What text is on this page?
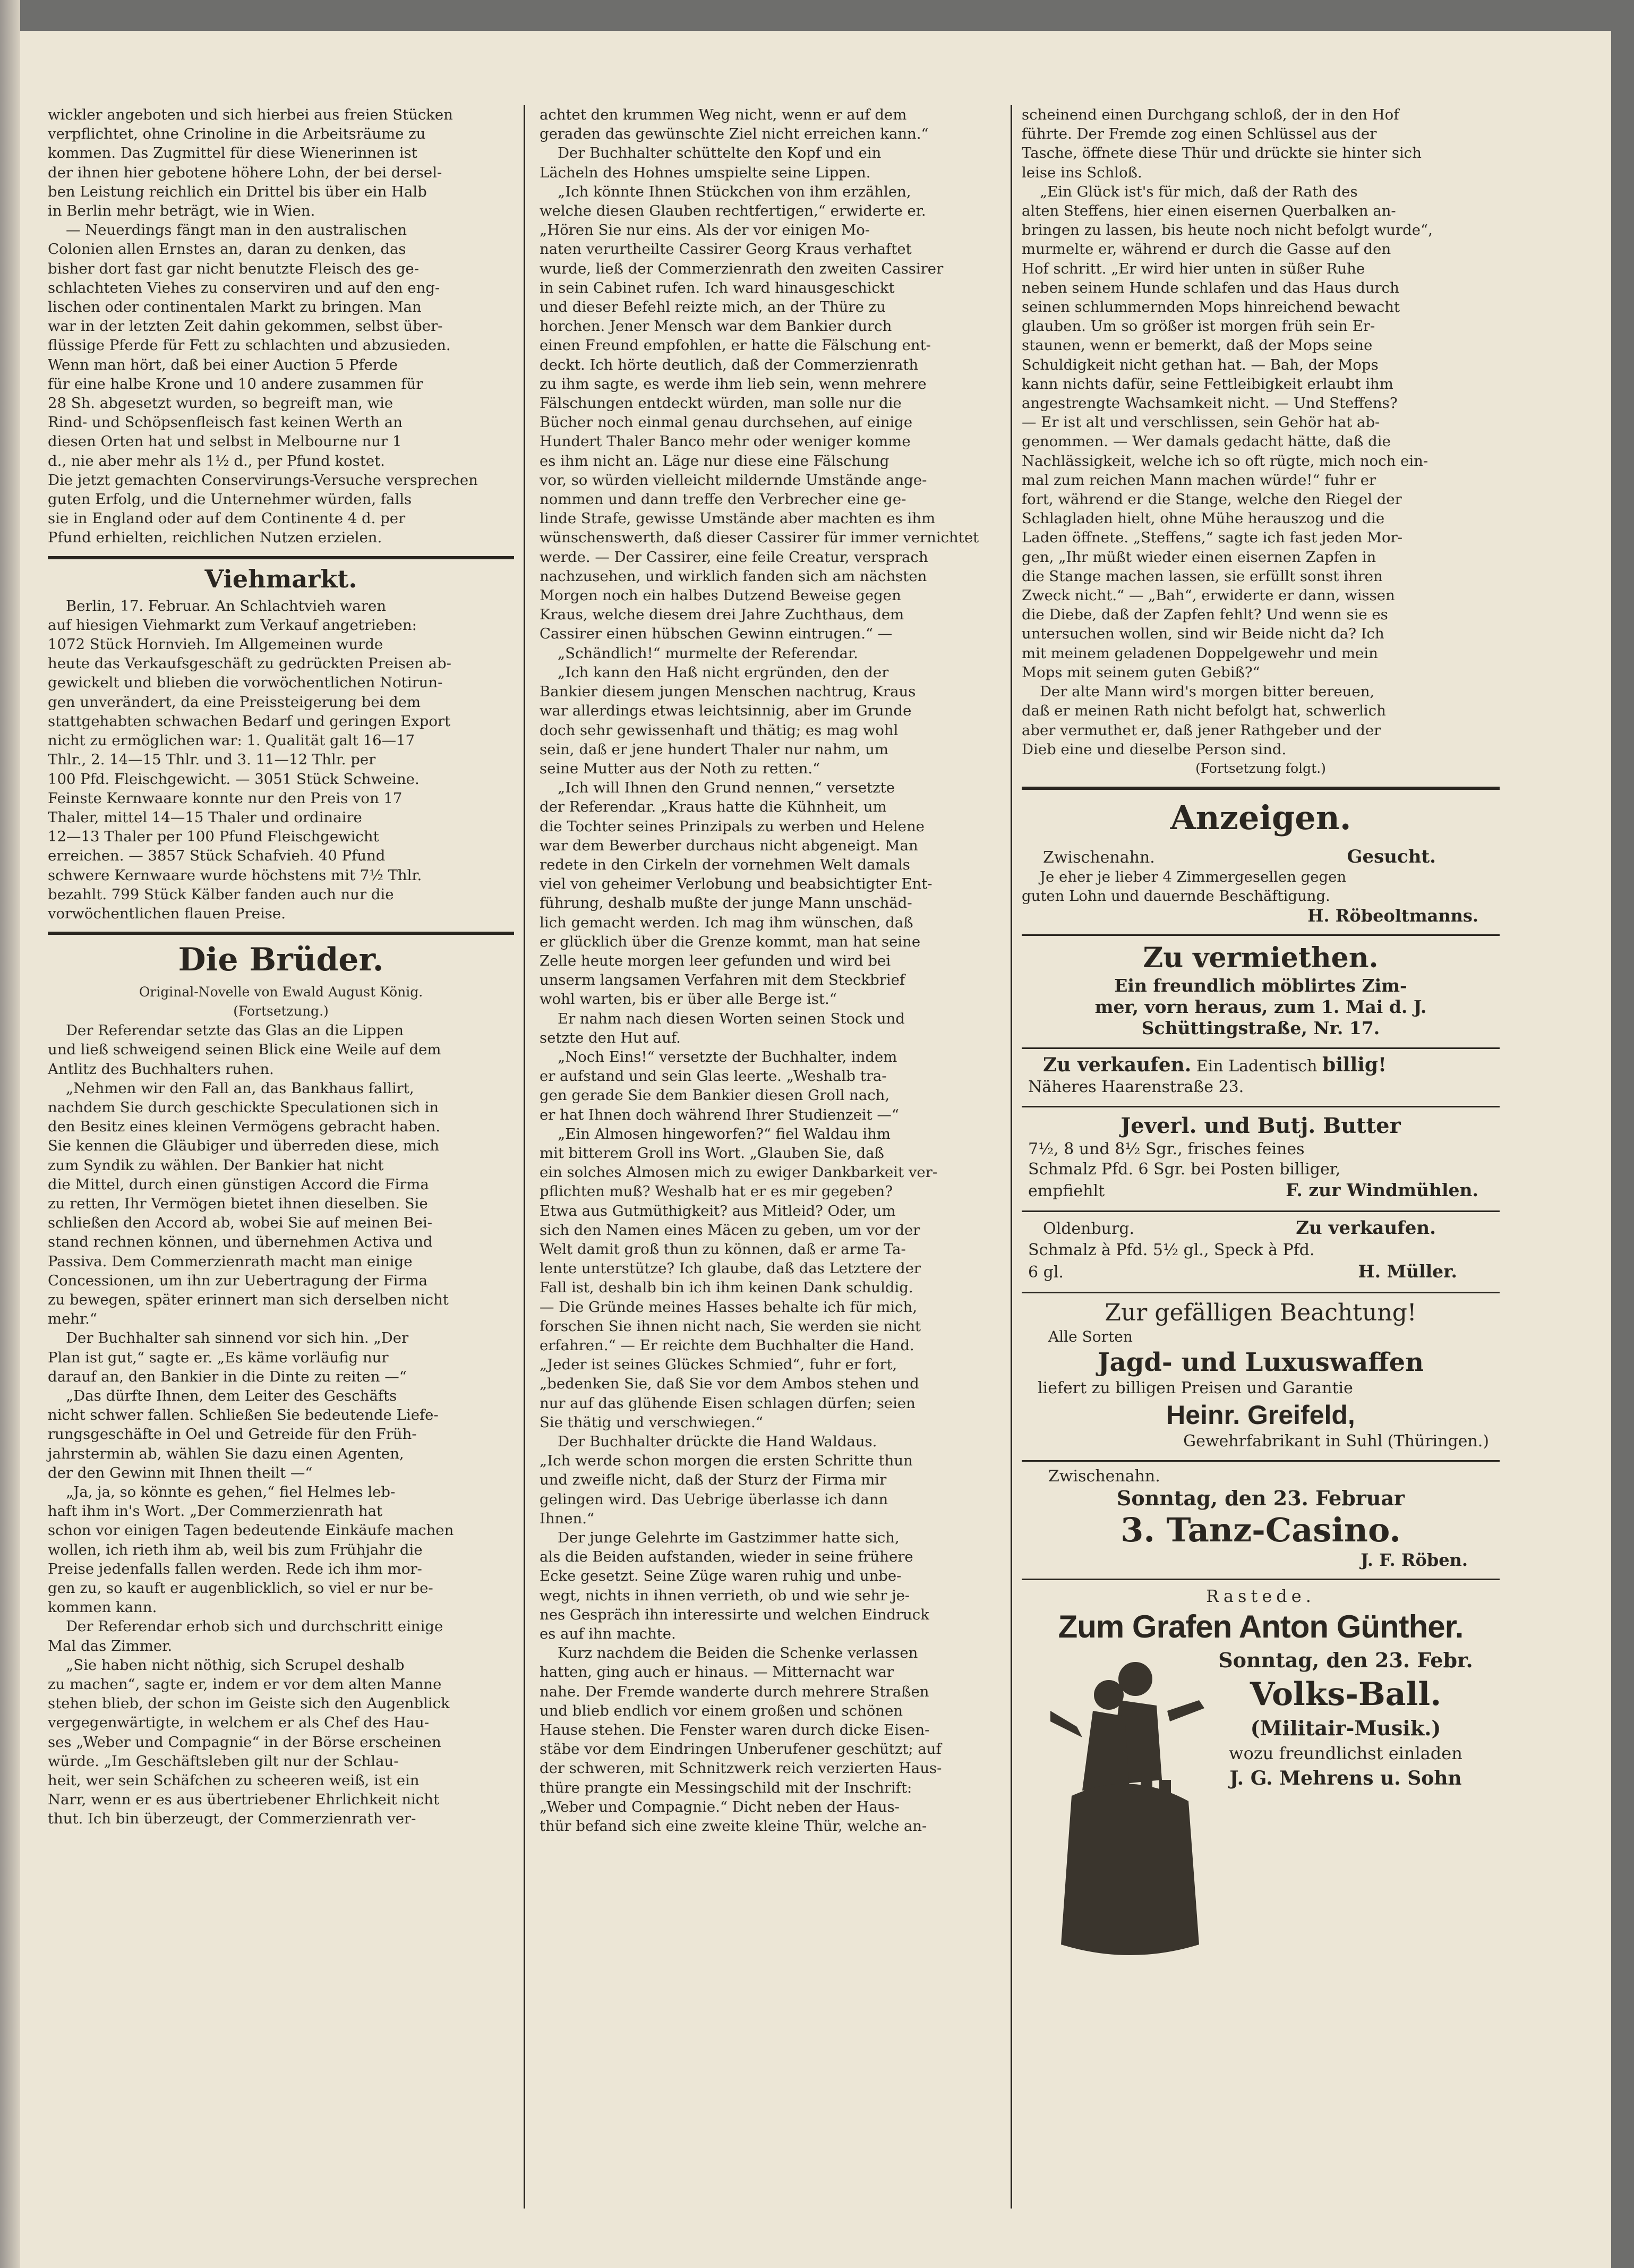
wickler angeboten und sich hierbei aus freien Stücken
verpflichtet, ohne Crinoline in die Arbeitsräume zu
kommen. Das Zugmittel für diese Wienerinnen ist
der ihnen hier gebotene höhere Lohn, der bei dersel-
ben Leistung reichlich ein Drittel bis über ein Halb
in Berlin mehr beträgt, wie in Wien.

— Neuerdings fängt man in den australischen
Colonien allen Ernstes an, daran zu denken, das
bisher dort fast gar nicht benutzte Fleisch des ge-
schlachteten Viehes zu conserviren und auf den eng-
lischen oder continentalen Markt zu bringen. Man
war in der letzten Zeit dahin gekommen, selbst über-
flüssige Pferde für Fett zu schlachten und abzusieden.
Wenn man hört, daß bei einer Auction 5 Pferde
für eine halbe Krone und 10 andere zusammen für
28 Sh. abgesetzt wurden, so begreift man, wie
Rind- und Schöpsenfleisch fast keinen Werth an
diesen Orten hat und selbst in Melbourne nur 1
d., nie aber mehr als 1½ d., per Pfund kostet.
Die jetzt gemachten Conservirungs-Versuche versprechen
guten Erfolg, und die Unternehmer würden, falls
sie in England oder auf dem Continente 4 d. per
Pfund erhielten, reichlichen Nutzen erzielen.

Viehmarkt.

Berlin, 17. Februar. An Schlachtvieh waren
auf hiesigen Viehmarkt zum Verkauf angetrieben:
1072 Stück Hornvieh. Im Allgemeinen wurde
heute das Verkaufsgeschäft zu gedrückten Preisen ab-
gewickelt und blieben die vorwöchentlichen Notirun-
gen unverändert, da eine Preissteigerung bei dem
stattgehabten schwachen Bedarf und geringen Export
nicht zu ermöglichen war: 1. Qualität galt 16—17
Thlr., 2. 14—15 Thlr. und 3. 11—12 Thlr. per
100 Pfd. Fleischgewicht. — 3051 Stück Schweine.
Feinste Kernwaare konnte nur den Preis von 17
Thaler, mittel 14—15 Thaler und ordinaire
12—13 Thaler per 100 Pfund Fleischgewicht
erreichen. — 3857 Stück Schafvieh. 40 Pfund
schwere Kernwaare wurde höchstens mit 7½ Thlr.
bezahlt. 799 Stück Kälber fanden auch nur die
vorwöchentlichen flauen Preise.

Die Brüder.
Original-Novelle von Ewald August König.
(Fortsetzung.)

Der Referendar setzte das Glas an die Lippen
und ließ schweigend seinen Blick eine Weile auf dem
Antlitz des Buchhalters ruhen.

„Nehmen wir den Fall an, das Bankhaus fallirt,
nachdem Sie durch geschickte Speculationen sich in
den Besitz eines kleinen Vermögens gebracht haben.
Sie kennen die Gläubiger und überreden diese, mich
zum Syndik zu wählen. Der Bankier hat nicht
die Mittel, durch einen günstigen Accord die Firma
zu retten, Ihr Vermögen bietet ihnen dieselben. Sie
schließen den Accord ab, wobei Sie auf meinen Bei-
stand rechnen können, und übernehmen Activa und
Passiva. Dem Commerzienrath macht man einige
Concessionen, um ihn zur Uebertragung der Firma
zu bewegen, später erinnert man sich derselben nicht
mehr.“

Der Buchhalter sah sinnend vor sich hin. „Der
Plan ist gut,“ sagte er. „Es käme vorläufig nur
darauf an, den Bankier in die Dinte zu reiten —“

„Das dürfte Ihnen, dem Leiter des Geschäfts
nicht schwer fallen. Schließen Sie bedeutende Liefe-
rungsgeschäfte in Oel und Getreide für den Früh-
jahrstermin ab, wählen Sie dazu einen Agenten,
der den Gewinn mit Ihnen theilt —“

„Ja, ja, so könnte es gehen,“ fiel Helmes leb-
haft ihm in's Wort. „Der Commerzienrath hat
schon vor einigen Tagen bedeutende Einkäufe machen
wollen, ich rieth ihm ab, weil bis zum Frühjahr die
Preise jedenfalls fallen werden. Rede ich ihm mor-
gen zu, so kauft er augenblicklich, so viel er nur be-
kommen kann.

Der Referendar erhob sich und durchschritt einige
Mal das Zimmer.

„Sie haben nicht nöthig, sich Scrupel deshalb
zu machen“, sagte er, indem er vor dem alten Manne
stehen blieb, der schon im Geiste sich den Augenblick
vergegenwärtigte, in welchem er als Chef des Hau-
ses „Weber und Compagnie“ in der Börse erscheinen
würde. „Im Geschäftsleben gilt nur der Schlau-
heit, wer sein Schäfchen zu scheeren weiß, ist ein
Narr, wenn er es aus übertriebener Ehrlichkeit nicht
thut. Ich bin überzeugt, der Commerzienrath ver-

achtet den krummen Weg nicht, wenn er auf dem
geraden das gewünschte Ziel nicht erreichen kann.“

Der Buchhalter schüttelte den Kopf und ein
Lächeln des Hohnes umspielte seine Lippen.

„Ich könnte Ihnen Stückchen von ihm erzählen,
welche diesen Glauben rechtfertigen,“ erwiderte er.
„Hören Sie nur eins. Als der vor einigen Mo-
naten verurtheilte Cassirer Georg Kraus verhaftet
wurde, ließ der Commerzienrath den zweiten Cassirer
in sein Cabinet rufen. Ich ward hinausgeschickt
und dieser Befehl reizte mich, an der Thüre zu
horchen. Jener Mensch war dem Bankier durch
einen Freund empfohlen, er hatte die Fälschung ent-
deckt. Ich hörte deutlich, daß der Commerzienrath
zu ihm sagte, es werde ihm lieb sein, wenn mehrere
Fälschungen entdeckt würden, man solle nur die
Bücher noch einmal genau durchsehen, auf einige
Hundert Thaler Banco mehr oder weniger komme
es ihm nicht an. Läge nur diese eine Fälschung
vor, so würden vielleicht mildernde Umstände ange-
nommen und dann treffe den Verbrecher eine ge-
linde Strafe, gewisse Umstände aber machten es ihm
wünschenswerth, daß dieser Cassirer für immer vernichtet
werde. — Der Cassirer, eine feile Creatur, versprach
nachzusehen, und wirklich fanden sich am nächsten
Morgen noch ein halbes Dutzend Beweise gegen
Kraus, welche diesem drei Jahre Zuchthaus, dem
Cassirer einen hübschen Gewinn eintrugen.“ —

„Schändlich!“ murmelte der Referendar.

„Ich kann den Haß nicht ergründen, den der
Bankier diesem jungen Menschen nachtrug, Kraus
war allerdings etwas leichtsinnig, aber im Grunde
doch sehr gewissenhaft und thätig; es mag wohl
sein, daß er jene hundert Thaler nur nahm, um
seine Mutter aus der Noth zu retten.“

„Ich will Ihnen den Grund nennen,“ versetzte
der Referendar. „Kraus hatte die Kühnheit, um
die Tochter seines Prinzipals zu werben und Helene
war dem Bewerber durchaus nicht abgeneigt. Man
redete in den Cirkeln der vornehmen Welt damals
viel von geheimer Verlobung und beabsichtigter Ent-
führung, deshalb mußte der junge Mann unschäd-
lich gemacht werden. Ich mag ihm wünschen, daß
er glücklich über die Grenze kommt, man hat seine
Zelle heute morgen leer gefunden und wird bei
unserm langsamen Verfahren mit dem Steckbrief
wohl warten, bis er über alle Berge ist.“

Er nahm nach diesen Worten seinen Stock und
setzte den Hut auf.

„Noch Eins!“ versetzte der Buchhalter, indem
er aufstand und sein Glas leerte. „Weshalb tra-
gen gerade Sie dem Bankier diesen Groll nach,
er hat Ihnen doch während Ihrer Studienzeit —“

„Ein Almosen hingeworfen?“ fiel Waldau ihm
mit bitterem Groll ins Wort. „Glauben Sie, daß
ein solches Almosen mich zu ewiger Dankbarkeit ver-
pflichten muß? Weshalb hat er es mir gegeben?
Etwa aus Gutmüthigkeit? aus Mitleid? Oder, um
sich den Namen eines Mäcen zu geben, um vor der
Welt damit groß thun zu können, daß er arme Ta-
lente unterstütze? Ich glaube, daß das Letztere der
Fall ist, deshalb bin ich ihm keinen Dank schuldig.
— Die Gründe meines Hasses behalte ich für mich,
forschen Sie ihnen nicht nach, Sie werden sie nicht
erfahren.“ — Er reichte dem Buchhalter die Hand.
„Jeder ist seines Glückes Schmied“, fuhr er fort,
„bedenken Sie, daß Sie vor dem Ambos stehen und
nur auf das glühende Eisen schlagen dürfen; seien
Sie thätig und verschwiegen.“

Der Buchhalter drückte die Hand Waldaus.
„Ich werde schon morgen die ersten Schritte thun
und zweifle nicht, daß der Sturz der Firma mir
gelingen wird. Das Uebrige überlasse ich dann
Ihnen.“

Der junge Gelehrte im Gastzimmer hatte sich,
als die Beiden aufstanden, wieder in seine frühere
Ecke gesetzt. Seine Züge waren ruhig und unbe-
wegt, nichts in ihnen verrieth, ob und wie sehr je-
nes Gespräch ihn interessirte und welchen Eindruck
es auf ihn machte.

Kurz nachdem die Beiden die Schenke verlassen
hatten, ging auch er hinaus. — Mitternacht war
nahe. Der Fremde wanderte durch mehrere Straßen
und blieb endlich vor einem großen und schönen
Hause stehen. Die Fenster waren durch dicke Eisen-
stäbe vor dem Eindringen Unberufener geschützt; auf
der schweren, mit Schnitzwerk reich verzierten Haus-
thüre prangte ein Messingschild mit der Inschrift:
„Weber und Compagnie.“ Dicht neben der Haus-
thür befand sich eine zweite kleine Thür, welche an-

scheinend einen Durchgang schloß, der in den Hof
führte. Der Fremde zog einen Schlüssel aus der
Tasche, öffnete diese Thür und drückte sie hinter sich
leise ins Schloß.

„Ein Glück ist's für mich, daß der Rath des
alten Steffens, hier einen eisernen Querbalken an-
bringen zu lassen, bis heute noch nicht befolgt wurde“,
murmelte er, während er durch die Gasse auf den
Hof schritt. „Er wird hier unten in süßer Ruhe
neben seinem Hunde schlafen und das Haus durch
seinen schlummernden Mops hinreichend bewacht
glauben. Um so größer ist morgen früh sein Er-
staunen, wenn er bemerkt, daß der Mops seine
Schuldigkeit nicht gethan hat. — Bah, der Mops
kann nichts dafür, seine Fettleibigkeit erlaubt ihm
angestrengte Wachsamkeit nicht. — Und Steffens?
— Er ist alt und verschlissen, sein Gehör hat ab-
genommen. — Wer damals gedacht hätte, daß die
Nachlässigkeit, welche ich so oft rügte, mich noch ein-
mal zum reichen Mann machen würde!“ fuhr er
fort, während er die Stange, welche den Riegel der
Schlagladen hielt, ohne Mühe herauszog und die
Laden öffnete. „Steffens,“ sagte ich fast jeden Mor-
gen, „Ihr müßt wieder einen eisernen Zapfen in
die Stange machen lassen, sie erfüllt sonst ihren
Zweck nicht.“ — „Bah“, erwiderte er dann, wissen
die Diebe, daß der Zapfen fehlt? Und wenn sie es
untersuchen wollen, sind wir Beide nicht da? Ich
mit meinem geladenen Doppelgewehr und mein
Mops mit seinem guten Gebiß?“

Der alte Mann wird's morgen bitter bereuen,
daß er meinen Rath nicht befolgt hat, schwerlich
aber vermuthet er, daß jener Rathgeber und der
Dieb eine und dieselbe Person sind.

(Fortsetzung folgt.)
Anzeigen.
Zwischenahn.	Gesucht.

Je eher je lieber 4 Zimmergesellen gegen
guten Lohn und dauernde Beschäftigung.

H. Röbeoltmanns.
Zu vermiethen.
Ein freundlich möblirtes Zim-
mer, vorn heraus, zum 1. Mai d. J.
Schüttingstraße, Nr. 17.
Zu verkaufen. Ein Ladentisch billig!
Näheres Haarenstraße 23.
Jeverl. und Butj. Butter
7½, 8 und 8½ Sgr., frisches feines
Schmalz Pfd. 6 Sgr. bei Posten billiger,
empfiehlt	F. zur Windmühlen.
Oldenburg.	Zu verkaufen.
Schmalz à Pfd. 5½ gl., Speck à Pfd.
6 gl.	H. Müller.
Zur gefälligen Beachtung!
Alle Sorten
Jagd- und Luxuswaffen
liefert zu billigen Preisen und Garantie
Heinr. Greifeld,
Gewehrfabrikant in Suhl (Thüringen.)
Zwischenahn.
Sonntag, den 23. Februar
3. Tanz-Casino.
J. F. Röben.
Rastede.
Zum Grafen Anton Günther.
Sonntag, den 23. Febr.
Volks-Ball.
(Militair-Musik.)
wozu freundlichst einladen
J. G. Mehrens u. Sohn
